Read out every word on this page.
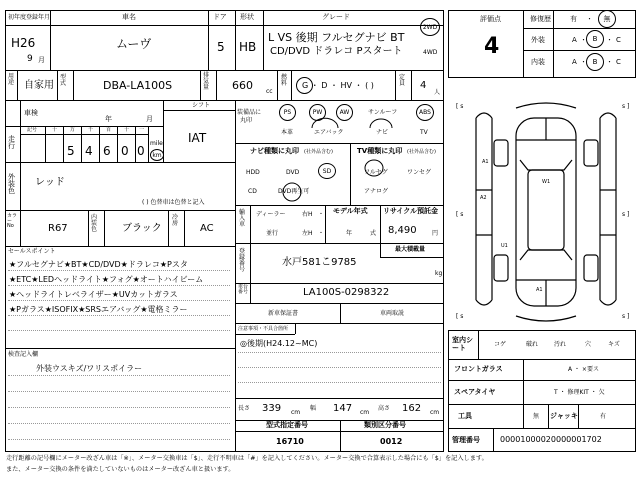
初年度登録年月	車名	ドア 形状	グレード
H26
9 月
ムーヴ	5 HB
L VS 後期 フルセグナビ BT
CD/DVD ドラレコ Pスタート
2WD
4WD
用途 自家用
型式	DBA-LA100S
排気量 660 cc
燃料 G ・ D ・ HV ・ ( )
定員 4
人
車検
年	月
シフト
IAT
走行
記号	十	万	千	百	十 一
5 4 6 0 0
mile
km
外装色
レッド
( ) 色替車は色替と記入
カラーNo	R67
内装色 ブラック
冷房 AC
セールスポイント
★フルセグナビ★BT★CD/DVD★ドラレコ★Pスタ
★ETC★LEDヘッドライト★フォグ★オートハイビーム
★ヘッドライトレベライザー★UVカットガラス
★Pガラス★ISOFIX★SRSエアバッグ★電格ミラー
検査記入欄
外装ウスキズ/ワリスポイラー
装備品に
丸印
PS	PW	AW	サンルーフ	ABS
本革	エアバック	ナビ	TV
ナビ種類に丸印 (社外品含む)
HDD	DVD	SD
CD	DVD再生可
TV種類に丸印 (社外品含む)
フルセグ	ワンセグ
アナログ
輸入車
ディーラー
並行
右H
左H
・
・
モデル年式
年	式
リサイクル預託金
8,490	円
登録番号
水戸581こ9785
最大積載量
kg
車台番号	LA100S-0298322
新車保証書	車両取説
注意事項・不具合箇所
◎後期(H24.12~MC)
長さ 339 cm
幅 147 cm
高さ 162 cm
型式指定番号	類別区分番号
16710	0012
評価点
4
修復歴	有 ・ 無
外装	A ・ B ・ C
内装	A ・ B ・ C
[ s	s ]
[ s	s ]
[ s	s ]
A1
W1
A2
U1
A1
室内シート	コゲ	破れ	汚れ	穴	キズ
フロントガラス	A ・ ×要ス
スペアタイヤ	T ・ 修理KIT ・ 欠
工具	無 ジャッキ	有
管理番号	00001000020000001702
走行距離の記号欄にメーター改ざん車は「※」、メーター交換車は「$」、走行不明車は「#」を記入してください。メーター交換で合算表示した場合にも「$」を記入します。
また、メーター交換の条件を満たしていないものはメーター改ざん車と扱います。
